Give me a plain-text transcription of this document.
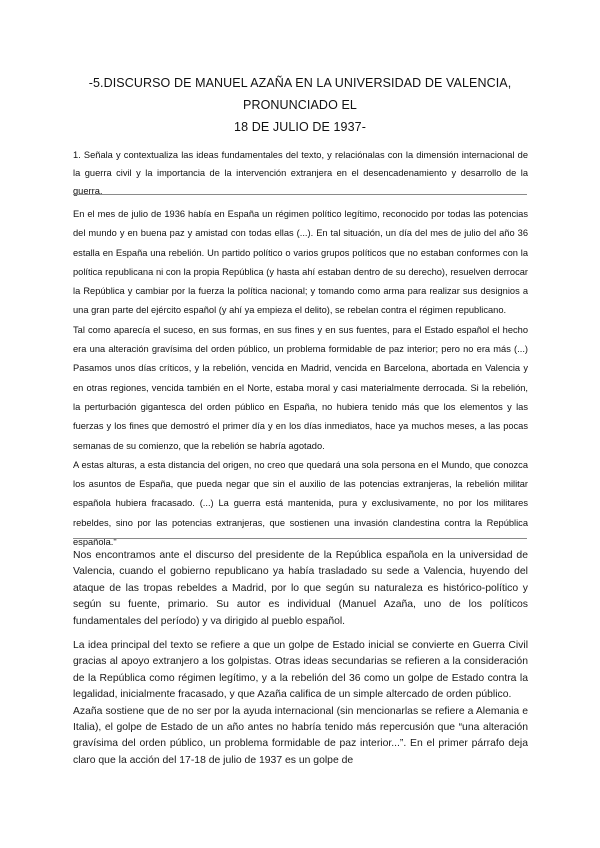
-5.DISCURSO DE MANUEL AZAÑA EN LA UNIVERSIDAD DE VALENCIA, PRONUNCIADO EL
18 DE JULIO DE 1937-
1. Señala y contextualiza las ideas fundamentales del texto, y relaciónalas con la dimensión internacional de la guerra civil y la importancia de la intervención extranjera en el desencadenamiento y desarrollo de la guerra.

En el mes de julio de 1936 había en España un régimen político legítimo, reconocido por todas las potencias del mundo y en buena paz y amistad con todas ellas (...). En tal situación, un día del mes de julio del año 36 estalla en España una rebelión. Un partido político o varios grupos políticos que no estaban conformes con la política republicana ni con la propia República (y hasta ahí estaban dentro de su derecho), resuelven derrocar la República y cambiar por la fuerza la política nacional; y tomando como arma para realizar sus designios a una gran parte del ejército español (y ahí ya empieza el delito), se rebelan contra el régimen republicano.

Tal como aparecía el suceso, en sus formas, en sus fines y en sus fuentes, para el Estado español el hecho era una alteración gravísima del orden público, un problema formidable de paz interior; pero no era más (...) Pasamos unos días críticos, y la rebelión, vencida en Madrid, vencida en Barcelona, abortada en Valencia y en otras regiones, vencida también en el Norte, estaba moral y casi materialmente derrocada. Si la rebelión, la perturbación gigantesca del orden público en España, no hubiera tenido más que los elementos y las fuerzas y los fines que demostró el primer día y en los días inmediatos, hace ya muchos meses, a las pocas semanas de su comienzo, que la rebelión se habría agotado.

A estas alturas, a esta distancia del origen, no creo que quedará una sola persona en el Mundo, que conozca los asuntos de España, que pueda negar que sin el auxilio de las potencias extranjeras, la rebelión militar española hubiera fracasado. (...) La guerra está mantenida, pura y exclusivamente, no por los militares rebeldes, sino por las potencias extranjeras, que sostienen una invasión clandestina contra la República española."

Nos encontramos ante el discurso del presidente de la República española en la universidad de Valencia, cuando el gobierno republicano ya había trasladado su sede a Valencia, huyendo del ataque de las tropas rebeldes a Madrid, por lo que según su naturaleza es histórico-político y según su fuente, primario. Su autor es individual (Manuel Azaña, uno de los políticos fundamentales del período) y va dirigido al pueblo español.

La idea principal del texto se refiere a que un golpe de Estado inicial se convierte en Guerra Civil gracias al apoyo extranjero a los golpistas. Otras ideas secundarias se refieren a la consideración de la República como régimen legítimo, y a la rebelión del 36 como un golpe de Estado contra la legalidad, inicialmente fracasado, y que Azaña califica de un simple altercado de orden público.

Azaña sostiene que de no ser por la ayuda internacional (sin mencionarlas se refiere a Alemania e Italia), el golpe de Estado de un año antes no habría tenido más repercusión que “una alteración gravísima del orden público, un problema formidable de paz interior...”. En el primer párrafo deja claro que la acción del 17-18 de julio de 1937 es un golpe de
